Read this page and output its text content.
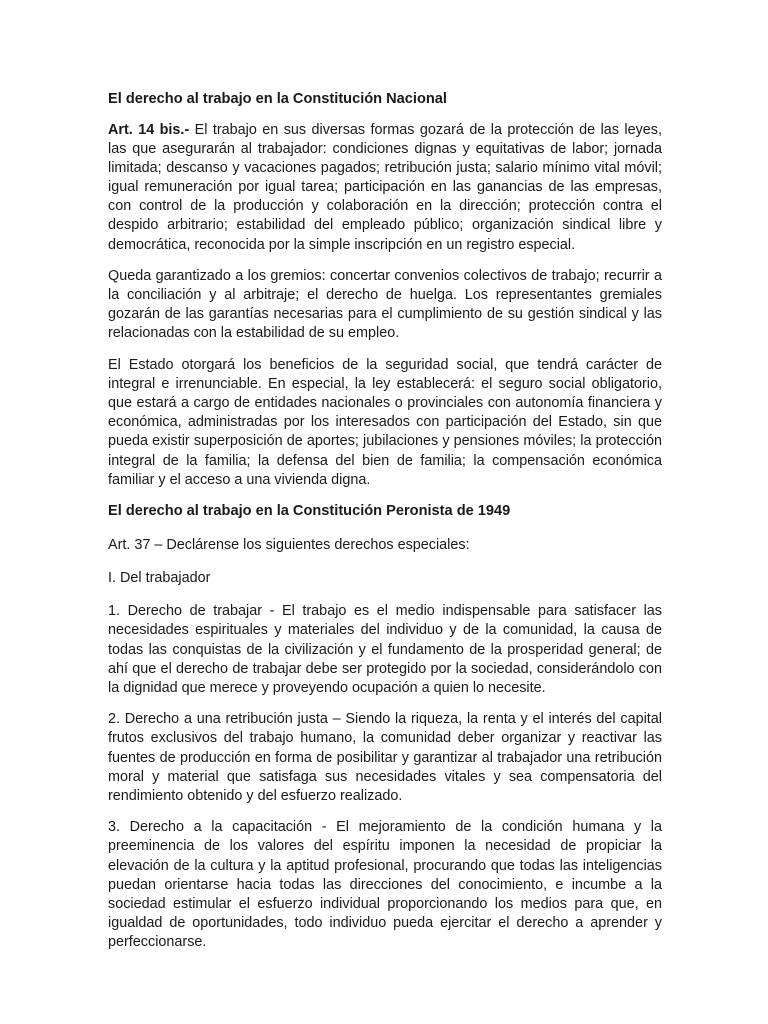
El derecho al trabajo en la Constitución Nacional

Art. 14 bis.- El trabajo en sus diversas formas gozará de la protección de las leyes, las que asegurarán al trabajador: condiciones dignas y equitativas de labor; jornada limitada; descanso y vacaciones pagados; retribución justa; salario mínimo vital móvil; igual remuneración por igual tarea; participación en las ganancias de las empresas, con control de la producción y colaboración en la dirección; protección contra el despido arbitrario; estabilidad del empleado público; organización sindical libre y democrática, reconocida por la simple inscripción en un registro especial.

Queda garantizado a los gremios: concertar convenios colectivos de trabajo; recurrir a la conciliación y al arbitraje; el derecho de huelga. Los representantes gremiales gozarán de las garantías necesarias para el cumplimiento de su gestión sindical y las relacionadas con la estabilidad de su empleo.

El Estado otorgará los beneficios de la seguridad social, que tendrá carácter de integral e irrenunciable. En especial, la ley establecerá: el seguro social obligatorio, que estará a cargo de entidades nacionales o provinciales con autonomía financiera y económica, administradas por los interesados con participación del Estado, sin que pueda existir superposición de aportes; jubilaciones y pensiones móviles; la protección integral de la familia; la defensa del bien de familia; la compensación económica familiar y el acceso a una vivienda digna.

El derecho al trabajo en la Constitución Peronista de 1949

Art. 37 – Declárense los siguientes derechos especiales:

I. Del trabajador

1. Derecho de trabajar - El trabajo es el medio indispensable para satisfacer las necesidades espirituales y materiales del individuo y de la comunidad, la causa de todas las conquistas de la civilización y el fundamento de la prosperidad general; de ahí que el derecho de trabajar debe ser protegido por la sociedad, considerándolo con la dignidad que merece y proveyendo ocupación a quien lo necesite.

2. Derecho a una retribución justa – Siendo la riqueza, la renta y el interés del capital frutos exclusivos del trabajo humano, la comunidad deber organizar y reactivar las fuentes de producción en forma de posibilitar y garantizar al trabajador una retribución moral y material que satisfaga sus necesidades vitales y sea compensatoria del rendimiento obtenido y del esfuerzo realizado.

3. Derecho a la capacitación - El mejoramiento de la condición humana y la preeminencia de los valores del espíritu imponen la necesidad de propiciar la elevación de la cultura y la aptitud profesional, procurando que todas las inteligencias puedan orientarse hacia todas las direcciones del conocimiento, e incumbe a la sociedad estimular el esfuerzo individual proporcionando los medios para que, en igualdad de oportunidades, todo individuo pueda ejercitar el derecho a aprender y perfeccionarse.
